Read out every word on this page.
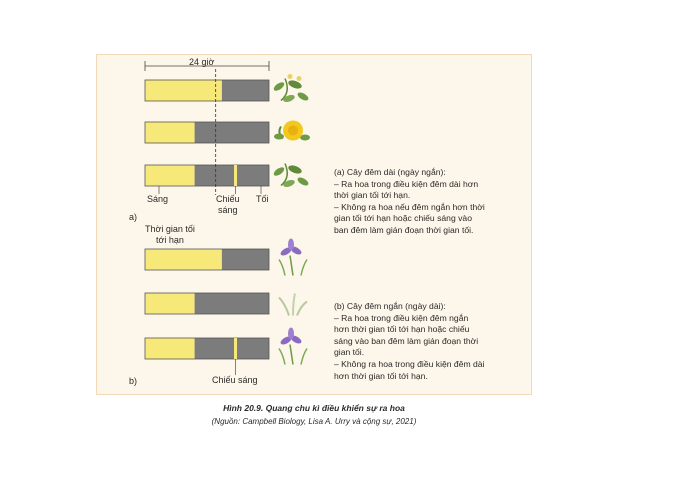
24 giờ
Sáng	Chiếu
sáng
Tối
Thời gian tối
tới hạn
a)
b)	Chiếu sáng
(a) Cây đêm dài (ngày ngắn):
– Ra hoa trong điều kiện đêm dài hơn
thời gian tối tới hạn.
– Không ra hoa nếu đêm ngắn hơn thời
gian tối tới hạn hoặc chiếu sáng vào
ban đêm làm gián đoạn thời gian tối.
(b) Cây đêm ngắn (ngày dài):
– Ra hoa trong điều kiện đêm ngắn
hơn thời gian tối tới hạn hoặc chiếu
sáng vào ban đêm làm gián đoạn thời
gian tối.
– Không ra hoa trong điều kiện đêm dài
hơn thời gian tối tới hạn.
Hình 20.9. Quang chu kì điều khiển sự ra hoa
(Nguồn: Campbell Biology, Lisa A. Urry và cộng sự, 2021)
